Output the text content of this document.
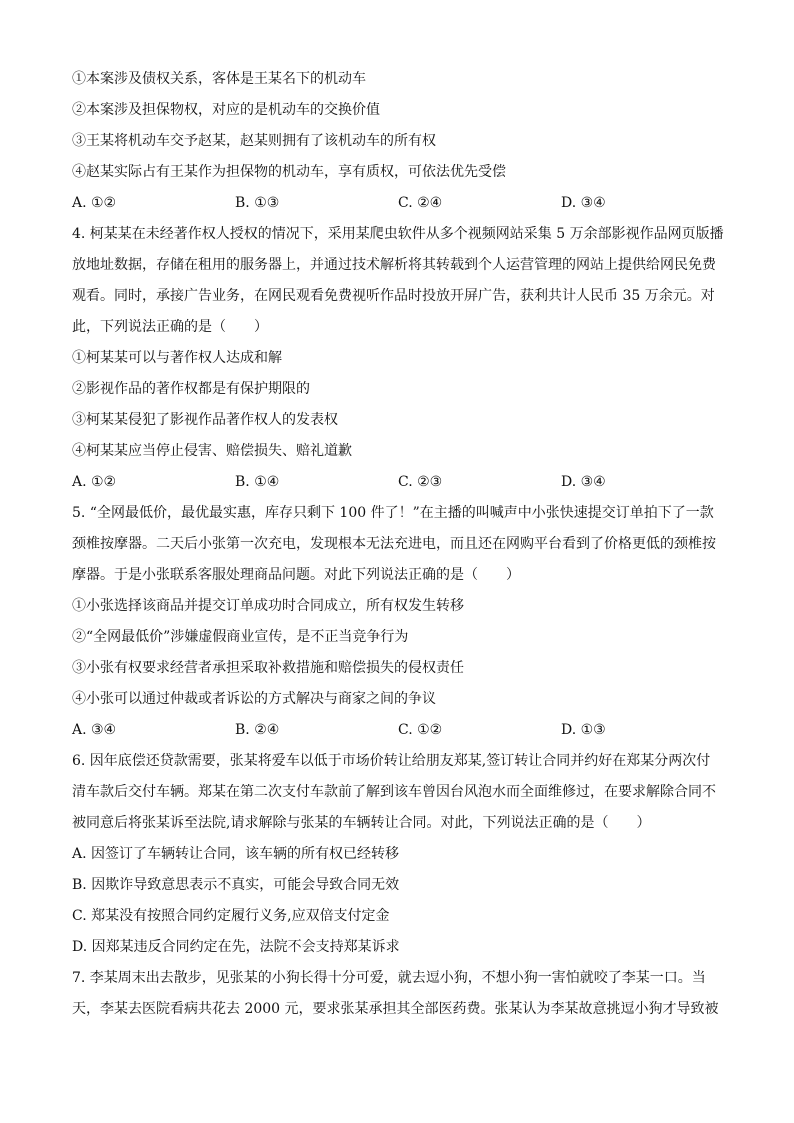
①本案涉及债权关系，客体是王某名下的机动车
②本案涉及担保物权，对应的是机动车的交换价值
③王某将机动车交予赵某，赵某则拥有了该机动车的所有权
④赵某实际占有王某作为担保物的机动车，享有质权，可依法优先受偿
A. ①②	B. ①③	C. ②④	D. ③④
4. 柯某某在未经著作权人授权的情况下，采用某爬虫软件从多个视频网站采集 5 万余部影视作品网页版播
放地址数据，存储在租用的服务器上，并通过技术解析将其转载到个人运营管理的网站上提供给网民免费
观看。同时，承接广告业务，在网民观看免费视听作品时投放开屏广告，获利共计人民币 35 万余元。对
此，下列说法正确的是（　　）
①柯某某可以与著作权人达成和解
②影视作品的著作权都是有保护期限的
③柯某某侵犯了影视作品著作权人的发表权
④柯某某应当停止侵害、赔偿损失、赔礼道歉
A. ①②	B. ①④	C. ②③	D. ③④
5. “全网最低价，最优最实惠，库存只剩下 100 件了！”在主播的叫喊声中小张快速提交订单拍下了一款
颈椎按摩器。二天后小张第一次充电，发现根本无法充进电，而且还在网购平台看到了价格更低的颈椎按
摩器。于是小张联系客服处理商品问题。对此下列说法正确的是（　　）
①小张选择该商品并提交订单成功时合同成立，所有权发生转移
②“全网最低价”涉嫌虚假商业宣传，是不正当竞争行为
③小张有权要求经营者承担采取补救措施和赔偿损失的侵权责任
④小张可以通过仲裁或者诉讼的方式解决与商家之间的争议
A. ③④	B. ②④	C. ①②	D. ①③
6. 因年底偿还贷款需要，张某将爱车以低于市场价转让给朋友郑某,签订转让合同并约好在郑某分两次付
清车款后交付车辆。郑某在第二次支付车款前了解到该车曾因台风泡水而全面维修过，在要求解除合同不
被同意后将张某诉至法院,请求解除与张某的车辆转让合同。对此，下列说法正确的是（　　）
A. 因签订了车辆转让合同，该车辆的所有权已经转移
B. 因欺诈导致意思表示不真实，可能会导致合同无效
C. 郑某没有按照合同约定履行义务,应双倍支付定金
D. 因郑某违反合同约定在先，法院不会支持郑某诉求
7. 李某周末出去散步，见张某的小狗长得十分可爱，就去逗小狗，不想小狗一害怕就咬了李某一口。当
天，李某去医院看病共花去 2000 元，要求张某承担其全部医药费。张某认为李某故意挑逗小狗才导致被
